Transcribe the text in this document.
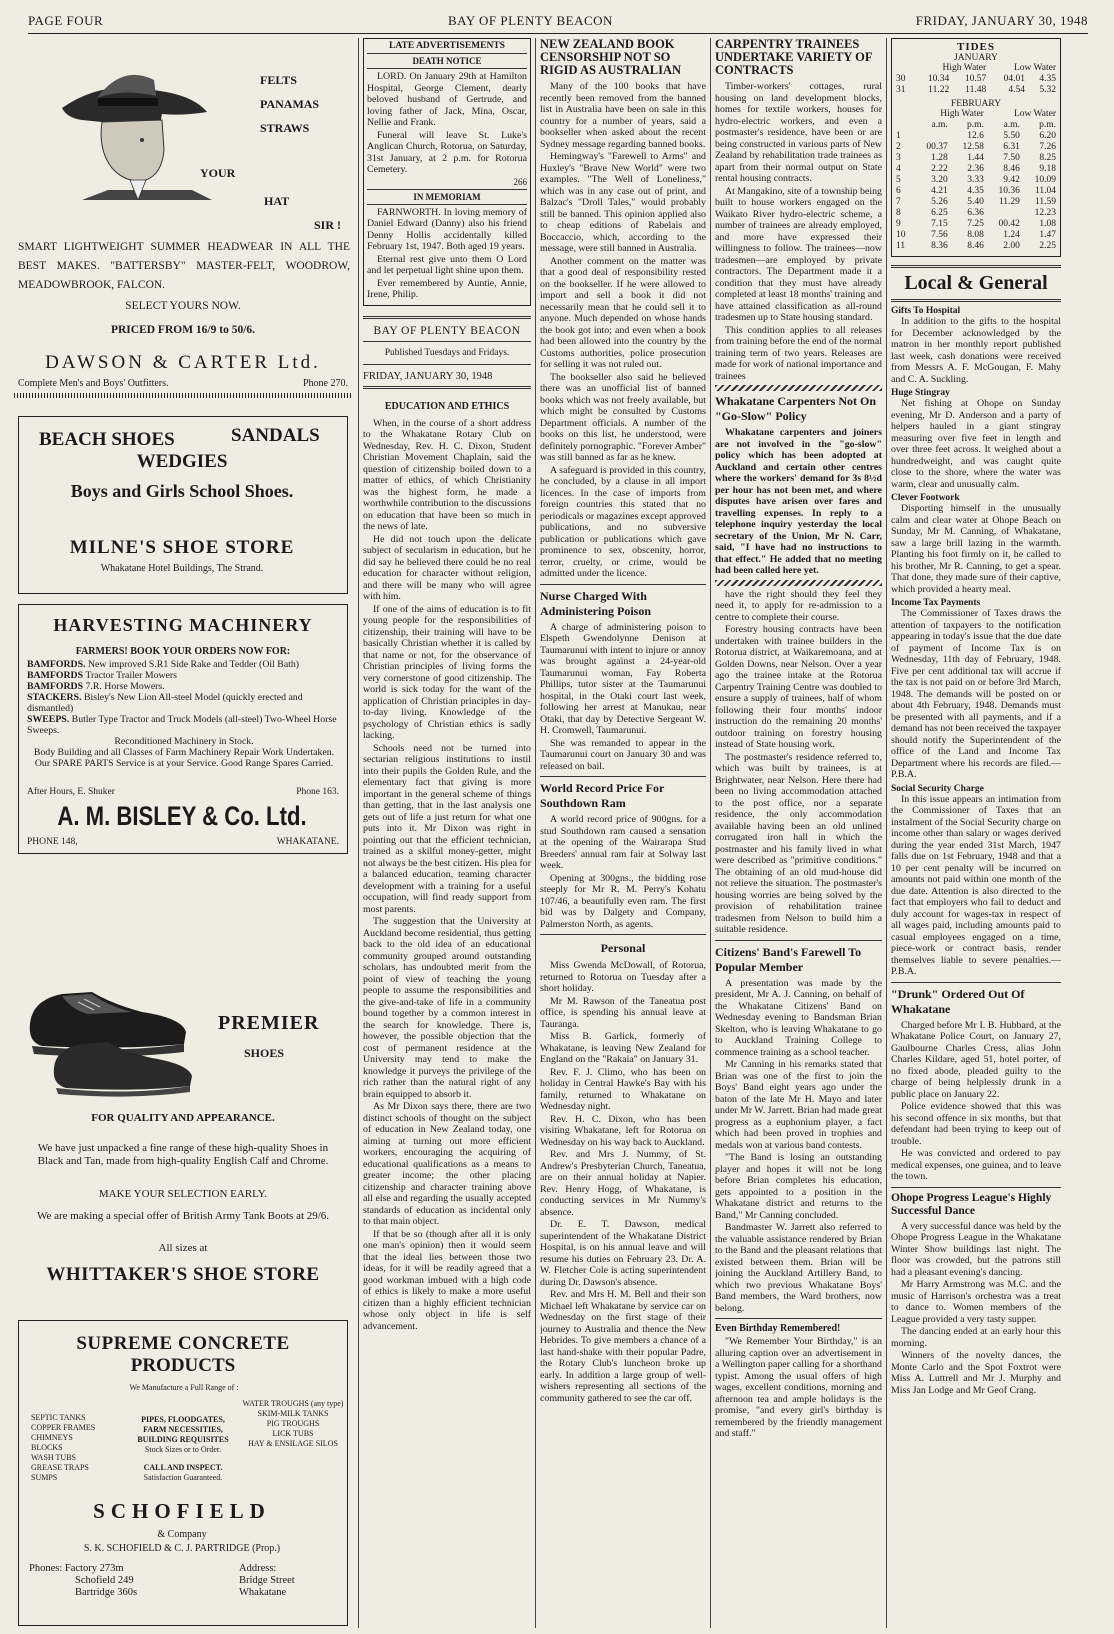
PAGE FOUR	BAY OF PLENTY BEACON	FRIDAY, JANUARY 30, 1948
FELTS
PANAMAS
STRAWS
YOUR
HAT
SIR !
SMART LIGHTWEIGHT SUMMER HEADWEAR IN ALL THE BEST MAKES. "BATTERSBY" MASTER-FELT, WOODROW, MEADOWBROOK, FALCON.
SELECT YOURS NOW.
PRICED FROM 16/9 to 50/6.
DAWSON & CARTER Ltd.
Complete Men's and Boys' Outfitters.	Phone 270.
BEACH SHOES	SANDALS
WEDGIES
Boys and Girls School Shoes.
MILNE'S SHOE STORE
Whakatane Hotel Buildings, The Strand.
HARVESTING MACHINERY
FARMERS! BOOK YOUR ORDERS NOW FOR:
BAMFORDS. New improved S.R1 Side Rake and Tedder (Oil Bath)
BAMFORDS Tractor Trailer Mowers
BAMFORDS 7.R. Horse Mowers.
STACKERS. Bisley's New Lion All-steel Model (quickly erected and dismantled)
SWEEPS. Butler Type Tractor and Truck Models (all-steel) Two-Wheel Horse Sweeps.
Reconditioned Machinery in Stock.
Body Building and all Classes of Farm Machinery Repair Work Undertaken.
Our SPARE PARTS Service is at your Service. Good Range Spares Carried.
After Hours, E. Shuker	Phone 163.
A. M. BISLEY & Co. Ltd.
PHONE 148,	WHAKATANE.
PREMIER
SHOES
FOR QUALITY AND APPEARANCE.
We have just unpacked a fine range of these high-quality Shoes in Black and Tan, made from high-quality English Calf and Chrome.
MAKE YOUR SELECTION EARLY.
We are making a special offer of British Army Tank Boots at 29/6.
All sizes at
WHITTAKER'S SHOE STORE
SUPREME CONCRETE
PRODUCTS
We Manufacture a Full Range of :
SEPTIC TANKS
COPPER FRAMES
CHIMNEYS
BLOCKS
WASH TUBS
GREASE TRAPS
SUMPS
PIPES, FLOODGATES,
FARM NECESSITIES,
BUILDING REQUISITES
Stock Sizes or to Order.
CALL AND INSPECT.
Satisfaction Guaranteed.
WATER TROUGHS (any type)
SKIM-MILK TANKS
PIG TROUGHS
LICK TUBS
HAY & ENSILAGE SILOS
SCHOFIELD
& Company
S. K. SCHOFIELD & C. J. PARTRIDGE (Prop.)
Phones: Factory 273m
Schofield 249
Bartridge 360s
Address:
Bridge Street
Whakatane
LATE ADVERTISEMENTS
DEATH NOTICE

LORD. On January 29th at Hamilton Hospital, George Clement, dearly beloved husband of Gertrude, and loving father of Jack, Mina, Oscar, Nellie and Frank.

Funeral will leave St. Luke's Anglican Church, Rotorua, on Saturday, 31st January, at 2 p.m. for Rotorua Cemetery.

266
IN MEMORIAM

FARNWORTH. In loving memory of Daniel Edward (Danny) also his friend Denny Hollis accidentally killed February 1st, 1947. Both aged 19 years.

Eternal rest give unto them O Lord and let perpetual light shine upon them.

Ever remembered by Auntie, Annie, Irene, Philip.

BAY OF PLENTY BEACON
Published Tuesdays and Fridays.
FRIDAY, JANUARY 30, 1948
EDUCATION AND ETHICS

When, in the course of a short address to the Whakatane Rotary Club on Wednesday, Rev. H. C. Dixon, Student Christian Movement Chaplain, said the question of citizenship boiled down to a matter of ethics, of which Christianity was the highest form, he made a worthwhile contribution to the discussions on education that have been so much in the news of late.

He did not touch upon the delicate subject of secularism in education, but he did say he believed there could be no real education for character without religion, and there will be many who will agree with him.

If one of the aims of education is to fit young people for the responsibilities of citizenship, their training will have to be basically Christian whether it is called by that name or not, for the observance of Christian principles of living forms the very cornerstone of good citizenship. The world is sick today for the want of the application of Christian principles in day-to-day living. Knowledge of the psychology of Christian ethics is sadly lacking.

Schools need not be turned into sectarian religious institutions to instil into their pupils the Golden Rule, and the elementary fact that giving is more important in the general scheme of things than getting, that in the last analysis one gets out of life a just return for what one puts into it. Mr Dixon was right in pointing out that the efficient technician, trained as a skilful money-getter, might not always be the best citizen. His plea for a balanced education, teaming character development with a training for a useful occupation, will find ready support from most parents.

The suggestion that the University at Auckland become residential, thus getting back to the old idea of an educational community grouped around outstanding scholars, has undoubted merit from the point of view of teaching the young people to assume the responsibilities and the give-and-take of life in a community bound together by a common interest in the search for knowledge. There is, however, the possible objection that the cost of permanent residence at the University may tend to make the knowledge it purveys the privilege of the rich rather than the natural right of any brain equipped to absorb it.

As Mr Dixon says there, there are two distinct schools of thought on the subject of education in New Zealand today, one aiming at turning out more efficient workers, encouraging the acquiring of educational qualifications as a means to greater income; the other placing citizenship and character training above all else and regarding the usually accepted standards of education as incidental only to that main object.

If that be so (though after all it is only one man's opinion) then it would seem that the ideal lies between those two ideas, for it will be readily agreed that a good workman imbued with a high code of ethics is likely to make a more useful citizen than a highly efficient technician whose only object in life is self advancement.

NEW ZEALAND BOOK CENSORSHIP NOT SO RIGID AS AUSTRALIAN

Many of the 100 books that have recently been removed from the banned list in Australia have been on sale in this country for a number of years, said a bookseller when asked about the recent Sydney message regarding banned books.

Hemingway's "Farewell to Arms" and Huxley's "Brave New World" were two examples. "The Well of Loneliness," which was in any case out of print, and Balzac's "Droll Tales," would probably still be banned. This opinion applied also to cheap editions of Rabelais and Boccaccio, which, according to the message, were still banned in Australia.

Another comment on the matter was that a good deal of responsibility rested on the bookseller. If he were allowed to import and sell a book it did not necessarily mean that he could sell it to anyone. Much depended on whose hands the book got into; and even when a book had been allowed into the country by the Customs authorities, police prosecution for selling it was not ruled out.

The bookseller also said he believed there was an unofficial list of banned books which was not freely available, but which might be consulted by Customs Department officials. A number of the books on this list, he understood, were definitely pornographic. "Forever Amber" was still banned as far as he knew.

A safeguard is provided in this country, he concluded, by a clause in all import licences. In the case of imports from foreign countries this stated that no periodicals or magazines except approved publications, and no subversive publication or publications which gave prominence to sex, obscenity, horror, terror, cruelty, or crime, would be admitted under the licence.

Nurse Charged With Administering Poison

A charge of administering poison to Elspeth Gwendolynne Denison at Taumarunui with intent to injure or annoy was brought against a 24-year-old Taumarunui woman, Fay Roberta Phillips, tutor sister at the Taumarunui hospital, in the Otaki court last week, following her arrest at Manukau, near Otaki, that day by Detective Sergeant W. H. Cromwell, Taumarunui.

She was remanded to appear in the Taumarunui court on January 30 and was released on bail.

World Record Price For Southdown Ram

A world record price of 900gns. for a stud Southdown ram caused a sensation at the opening of the Wairarapa Stud Breeders' annual ram fair at Solway last week.

Opening at 300gns., the bidding rose steeply for Mr R. M. Perry's Kohatu 107/46, a beautifully even ram. The first bid was by Dalgety and Company, Palmerston North, as agents.

Personal

Miss Gwenda McDowall, of Rotorua, returned to Rotorua on Tuesday after a short holiday.

Mr M. Rawson of the Taneatua post office, is spending his annual leave at Tauranga.

Miss B. Garlick, formerly of Whakatane, is leaving New Zealand for England on the "Rakaia" on January 31.

Rev. F. J. Climo, who has been on holiday in Central Hawke's Bay with his family, returned to Whakatane on Wednesday night.

Rev. H. C. Dixon, who has been visiting Whakatane, left for Rotorua on Wednesday on his way back to Auckland.

Rev. and Mrs J. Nummy, of St. Andrew's Presbyterian Church, Taneatua, are on their annual holiday at Napier. Rev. Henry Hogg, of Whakatane, is conducting services in Mr Nummy's absence.

Dr. E. T. Dawson, medical superintendent of the Whakatane District Hospital, is on his annual leave and will resume his duties on February 23. Dr. A. W. Fletcher Cole is acting superintendent during Dr. Dawson's absence.

Rev. and Mrs H. M. Bell and their son Michael left Whakatane by service car on Wednesday on the first stage of their journey to Australia and thence the New Hebrides. To give members a chance of a last hand-shake with their popular Padre, the Rotary Club's luncheon broke up early. In addition a large group of well-wishers representing all sections of the community gathered to see the car off.

CARPENTRY TRAINEES UNDERTAKE VARIETY OF CONTRACTS

Timber-workers' cottages, rural housing on land development blocks, homes for textile workers, houses for hydro-electric workers, and even a postmaster's residence, have been or are being constructed in various parts of New Zealand by rehabilitation trade trainees as apart from their normal output on State rental housing contracts.

At Mangakino, site of a township being built to house workers engaged on the Waikato River hydro-electric scheme, a number of trainees are already employed, and more have expressed their willingness to follow. The trainees—now tradesmen—are employed by private contractors. The Department made it a condition that they must have already completed at least 18 months' training and have attained classification as all-round tradesmen up to State housing standard.

This condition applies to all releases from training before the end of the normal training term of two years. Releases are made for work of national importance and trainees

Whakatane Carpenters Not On "Go-Slow" Policy

Whakatane carpenters and joiners are not involved in the "go-slow" policy which has been adopted at Auckland and certain other centres where the workers' demand for 3s 8½d per hour has not been met, and where disputes have arisen over fares and travelling expenses. In reply to a telephone inquiry yesterday the local secretary of the Union, Mr N. Carr, said, "I have had no instructions to that effect." He added that no meeting had been called here yet.

have the right should they feel they need it, to apply for re-admission to a centre to complete their course.

Forestry housing contracts have been undertaken with trainee builders in the Rotorua district, at Waikaremoana, and at Golden Downs, near Nelson. Over a year ago the trainee intake at the Rotorua Carpentry Training Centre was doubled to ensure a supply of trainees, half of whom following their four months' indoor instruction do the remaining 20 months' outdoor training on forestry housing instead of State housing work.

The postmaster's residence referred to, which was built by trainees, is at Brightwater, near Nelson. Here there had been no living accommodation attached to the post office, nor a separate residence, the only accommodation available having been an old unlined corrugated iron hall in which the postmaster and his family lived in what were described as "primitive conditions." The obtaining of an old mud-house did not relieve the situation. The postmaster's housing worries are being solved by the provision of rehabilitation trainee tradesmen from Nelson to build him a suitable residence.

Citizens' Band's Farewell To Popular Member

A presentation was made by the president, Mr A. J. Canning, on behalf of the Whakatane Citizens' Band on Wednesday evening to Bandsman Brian Skelton, who is leaving Whakatane to go to Auckland Training College to commence training as a school teacher.

Mr Canning in his remarks stated that Brian was one of the first to join the Boys' Band eight years ago under the baton of the late Mr H. Mayo and later under Mr W. Jarrett. Brian had made great progress as a euphonium player, a fact which had been proved in trophies and medals won at various band contests.

"The Band is losing an outstanding player and hopes it will not be long before Brian completes his education, gets appointed to a position in the Whakatane district and returns to the Band," Mr Canning concluded.

Bandmaster W. Jarrett also referred to the valuable assistance rendered by Brian to the Band and the pleasant relations that existed between them. Brian will be joining the Auckland Artillery Band, to which two previous Whakatane Boys' Band members, the Ward brothers, now belong.

Even Birthday Remembered!

"We Remember Your Birthday," is an alluring caption over an advertisement in a Wellington paper calling for a shorthand typist. Among the usual offers of high wages, excellent conditions, morning and afternoon tea and ample holidays is the promise, "and every girl's birthday is remembered by the friendly management and staff."

TIDES
JANUARY
	High Water		Low Water	
30	10.34	10.57	04.01	4.35
31	11.22	11.48	4.54	5.32
FEBRUARY
	High Water		Low Water	
	a.m.	p.m.	a.m.	p.m.
1		12.6	5.50	6.20
2	00.37	12.58	6.31	7.26
3	1.28	1.44	7.50	8.25
4	2.22	2.36	8.46	9.18
5	3.20	3.33	9.42	10.09
6	4.21	4.35	10.36	11.04
7	5.26	5.40	11.29	11.59
8	6.25	6.36		12.23
9	7.15	7.25	00.42	1.08
10	7.56	8.08	1.24	1.47
11	8.36	8.46	2.00	2.25
Local & General
Gifts To Hospital

In addition to the gifts to the hospital for December acknowledged by the matron in her monthly report published last week, cash donations were received from Messrs A. F. McGougan, F. Mahy and C. A. Suckling.

Huge Stingray

Net fishing at Ohope on Sunday evening, Mr D. Anderson and a party of helpers hauled in a giant stingray measuring over five feet in length and over three feet across. It weighed about a hundredweight, and was caught quite close to the shore, where the water was warm, clear and unusually calm.

Clever Footwork

Disporting himself in the unusually calm and clear water at Ohope Beach on Sunday, Mr M. Canning, of Whakatane, saw a large brill lazing in the warmth. Planting his foot firmly on it, he called to his brother, Mr R. Canning, to get a spear. That done, they made sure of their captive, which provided a hearty meal.

Income Tax Payments

The Commissioner of Taxes draws the attention of taxpayers to the notification appearing in today's issue that the due date of payment of Income Tax is on Wednesday, 11th day of February, 1948. Five per cent additional tax will accrue if the tax is not paid on or before 3rd March, 1948. The demands will be posted on or about 4th February, 1948. Demands must be presented with all payments, and if a demand has not been received the taxpayer should notify the Superintendent of the office of the Land and Income Tax Department where his records are filed.—P.B.A.

Social Security Charge

In this issue appears an intimation from the Commissioner of Taxes that an instalment of the Social Security charge on income other than salary or wages derived during the year ended 31st March, 1947 falls due on 1st February, 1948 and that a 10 per cent penalty will be incurred on amounts not paid within one month of the due date. Attention is also directed to the fact that employers who fail to deduct and duly account for wages-tax in respect of all wages paid, including amounts paid to casual employees engaged on a time, piece-work or contract basis, render themselves liable to severe penalties.—P.B.A.

"Drunk" Ordered Out Of Whakatane

Charged before Mr I. B. Hubbard, at the Whakatane Police Court, on January 27, Gaulbourne Charles Cress, alias John Charles Kildare, aged 51, hotel porter, of no fixed abode, pleaded guilty to the charge of being helplessly drunk in a public place on January 22.

Police evidence showed that this was his second offence in six months, but that defendant had been trying to keep out of trouble.

He was convicted and ordered to pay medical expenses, one guinea, and to leave the town.

Ohope Progress League's Highly Successful Dance

A very successful dance was held by the Ohope Progress League in the Whakatane Winter Show buildings last night. The floor was crowded, but the patrons still had a pleasant evening's dancing.

Mr Harry Armstrong was M.C. and the music of Harrison's orchestra was a treat to dance to. Women members of the League provided a very tasty supper.

The dancing ended at an early hour this morning.

Winners of the novelty dances, the Monte Carlo and the Spot Foxtrot were Miss A. Luttrell and Mr J. Murphy and Miss Jan Lodge and Mr Geof Crang.
